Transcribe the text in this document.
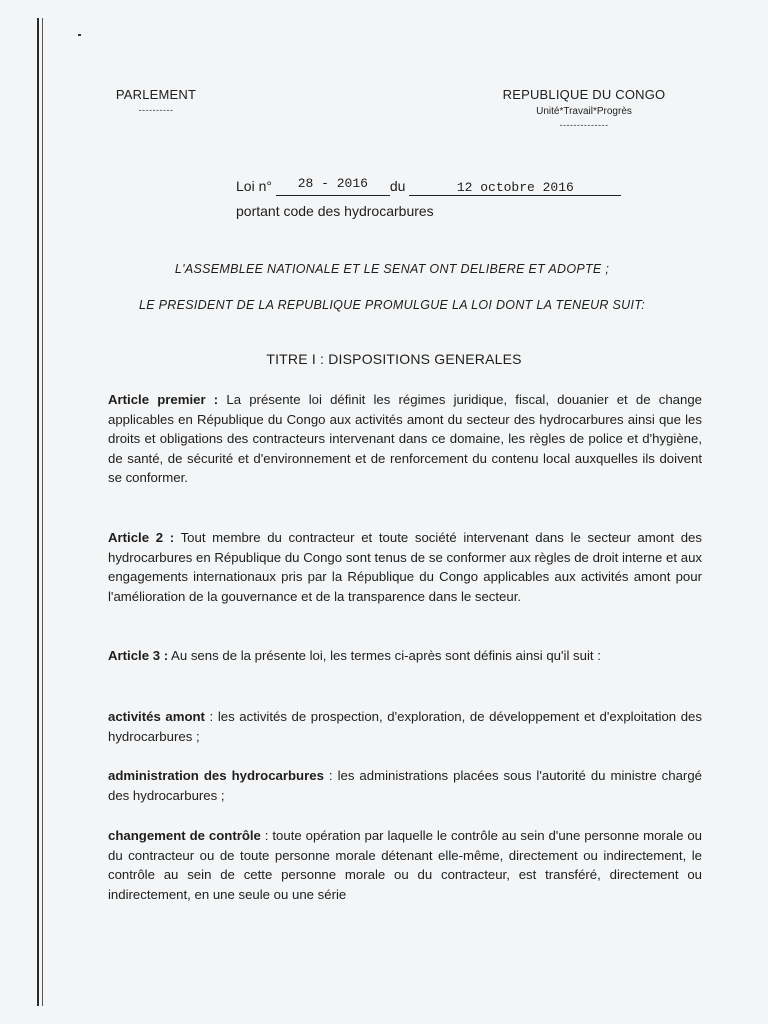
PARLEMENT
----------
REPUBLIQUE DU CONGO
Unité*Travail*Progrès
--------------
Loi n° 28 - 2016 du	12 octobre 2016
portant code des hydrocarbures
L'ASSEMBLEE NATIONALE ET LE SENAT ONT DELIBERE ET ADOPTE ;
LE PRESIDENT DE LA REPUBLIQUE PROMULGUE LA LOI DONT LA TENEUR SUIT:
TITRE I : DISPOSITIONS GENERALES
Article premier : La présente loi définit les régimes juridique, fiscal, douanier et de change applicables en République du Congo aux activités amont du secteur des hydrocarbures ainsi que les droits et obligations des contracteurs intervenant dans ce domaine, les règles de police et d'hygiène, de santé, de sécurité et d'environnement et de renforcement du contenu local auxquelles ils doivent se conformer.
Article 2 : Tout membre du contracteur et toute société intervenant dans le secteur amont des hydrocarbures en République du Congo sont tenus de se conformer aux règles de droit interne et aux engagements internationaux pris par la République du Congo applicables aux activités amont pour l'amélioration de la gouvernance et de la transparence dans le secteur.
Article 3 : Au sens de la présente loi, les termes ci-après sont définis ainsi qu'il suit :
activités amont : les activités de prospection, d'exploration, de développement et d'exploitation des hydrocarbures ;
administration des hydrocarbures : les administrations placées sous l'autorité du ministre chargé des hydrocarbures ;
changement de contrôle : toute opération par laquelle le contrôle au sein d'une personne morale ou du contracteur ou de toute personne morale détenant elle-même, directement ou indirectement, le contrôle au sein de cette personne morale ou du contracteur, est transféré, directement ou indirectement, en une seule ou une série
